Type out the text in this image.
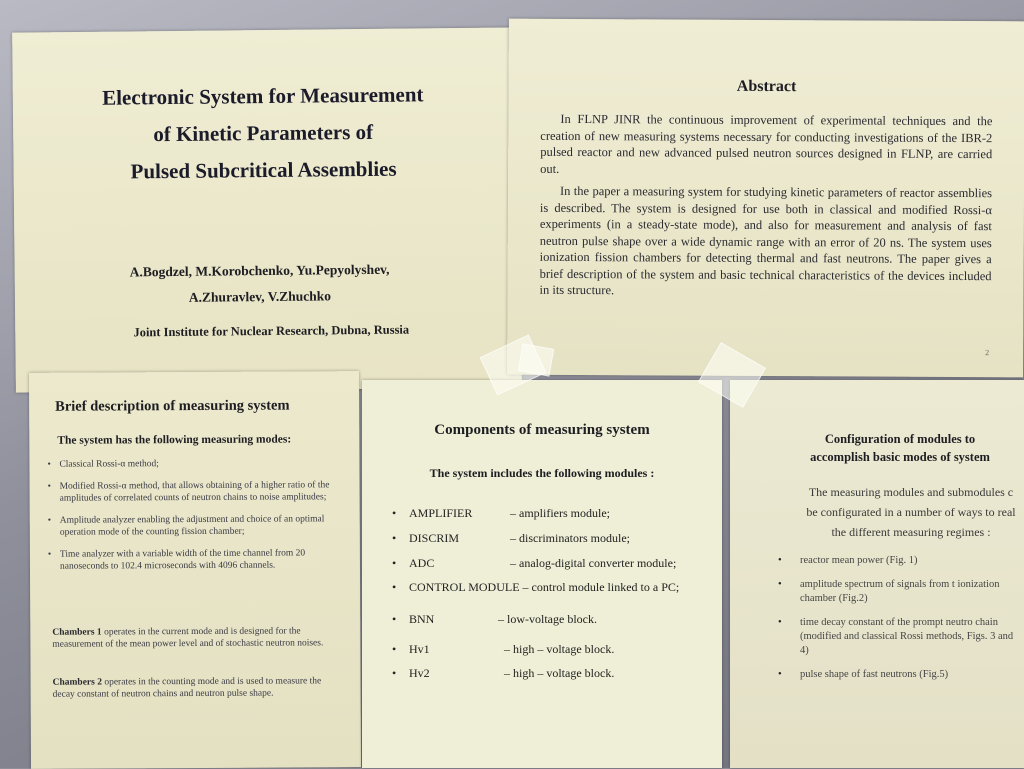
Electronic System for Measurement
of Kinetic Parameters of
Pulsed Subcritical Assemblies
A.Bogdzel, M.Korobchenko, Yu.Pepyolyshev,
A.Zhuravlev, V.Zhuchko
Joint Institute for Nuclear Research, Dubna, Russia
Abstract

In FLNP JINR the continuous improvement of experimental techniques and the creation of new measuring systems necessary for conducting investigations of the IBR-2 pulsed reactor and new advanced pulsed neutron sources designed in FLNP, are carried out.

In the paper a measuring system for studying kinetic parameters of reactor assemblies is described. The system is designed for use both in classical and modified Rossi-α experiments (in a steady-state mode), and also for measurement and analysis of fast neutron pulse shape over a wide dynamic range with an error of 20 ns. The system uses ionization fission chambers for detecting thermal and fast neutrons. The paper gives a brief description of the system and basic technical characteristics of the devices included in its structure.

2
Brief description of measuring system
The system has the following measuring modes:
• Classical Rossi-α method;
• Modified Rossi-α method, that allows obtaining of a higher ratio of the amplitudes of correlated counts of neutron chains to noise amplitudes;
• Amplitude analyzer enabling the adjustment and choice of an optimal operation mode of the counting fission chamber;
• Time analyzer with a variable width of the time channel from 20 nanoseconds to 102.4 microseconds with 4096 channels.
Chambers 1 operates in the current mode and is designed for the measurement of the mean power level and of stochastic neutron noises.
Chambers 2 operates in the counting mode and is used to measure the decay constant of neutron chains and neutron pulse shape.
Components of measuring system
The system includes the following modules :
• AMPLIFIER	– amplifiers module;
• DISCRIM	– discriminators module;
• ADC	– analog-digital converter module;
•	CONTROL MODULE – control module linked to a PC;
• BNN	– low-voltage block.
• Hv1	– high – voltage block.
• Hv2	– high – voltage block.
Configuration of modules to
accomplish basic modes of system
The measuring modules and submodules c
be configurated in a number of ways to real
the different measuring regimes :
• reactor mean power (Fig. 1)
• amplitude spectrum of signals from t ionization chamber (Fig.2)
• time decay constant of the prompt neutro chain (modified and classical Rossi methods, Figs. 3 and 4)
• pulse shape of fast neutrons (Fig.5)
